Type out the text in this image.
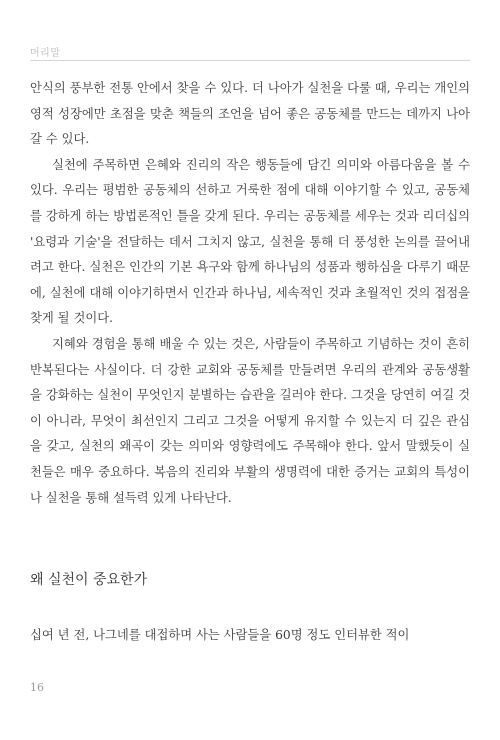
머리말

안식의 풍부한 전통 안에서 찾을 수 있다. 더 나아가 실천을 다룰 때, 우리는 개인의 영적 성장에만 초점을 맞춘 책들의 조언을 넘어 좋은 공동체를 만드는 데까지 나아갈 수 있다.

실천에 주목하면 은혜와 진리의 작은 행동들에 담긴 의미와 아름다움을 볼 수 있다. 우리는 평범한 공동체의 선하고 거룩한 점에 대해 이야기할 수 있고, 공동체를 강하게 하는 방법론적인 틀을 갖게 된다. 우리는 공동체를 세우는 것과 리더십의 '요령과 기술'을 전달하는 데서 그치지 않고, 실천을 통해 더 풍성한 논의를 끌어내려고 한다. 실천은 인간의 기본 욕구와 함께 하나님의 성품과 행하심을 다루기 때문에, 실천에 대해 이야기하면서 인간과 하나님, 세속적인 것과 초월적인 것의 접점을 찾게 될 것이다.

지혜와 경험을 통해 배울 수 있는 것은, 사람들이 주목하고 기념하는 것이 흔히 반복된다는 사실이다. 더 강한 교회와 공동체를 만들려면 우리의 관계와 공동생활을 강화하는 실천이 무엇인지 분별하는 습관을 길러야 한다. 그것을 당연히 여길 것이 아니라, 무엇이 최선인지 그리고 그것을 어떻게 유지할 수 있는지 더 깊은 관심을 갖고, 실천의 왜곡이 갖는 의미와 영향력에도 주목해야 한다. 앞서 말했듯이 실천들은 매우 중요하다. 복음의 진리와 부활의 생명력에 대한 증거는 교회의 특성이나 실천을 통해 설득력 있게 나타난다.

왜 실천이 중요한가
십여 년 전, 나그네를 대접하며 사는 사람들을 60명 정도 인터뷰한 적이
16
